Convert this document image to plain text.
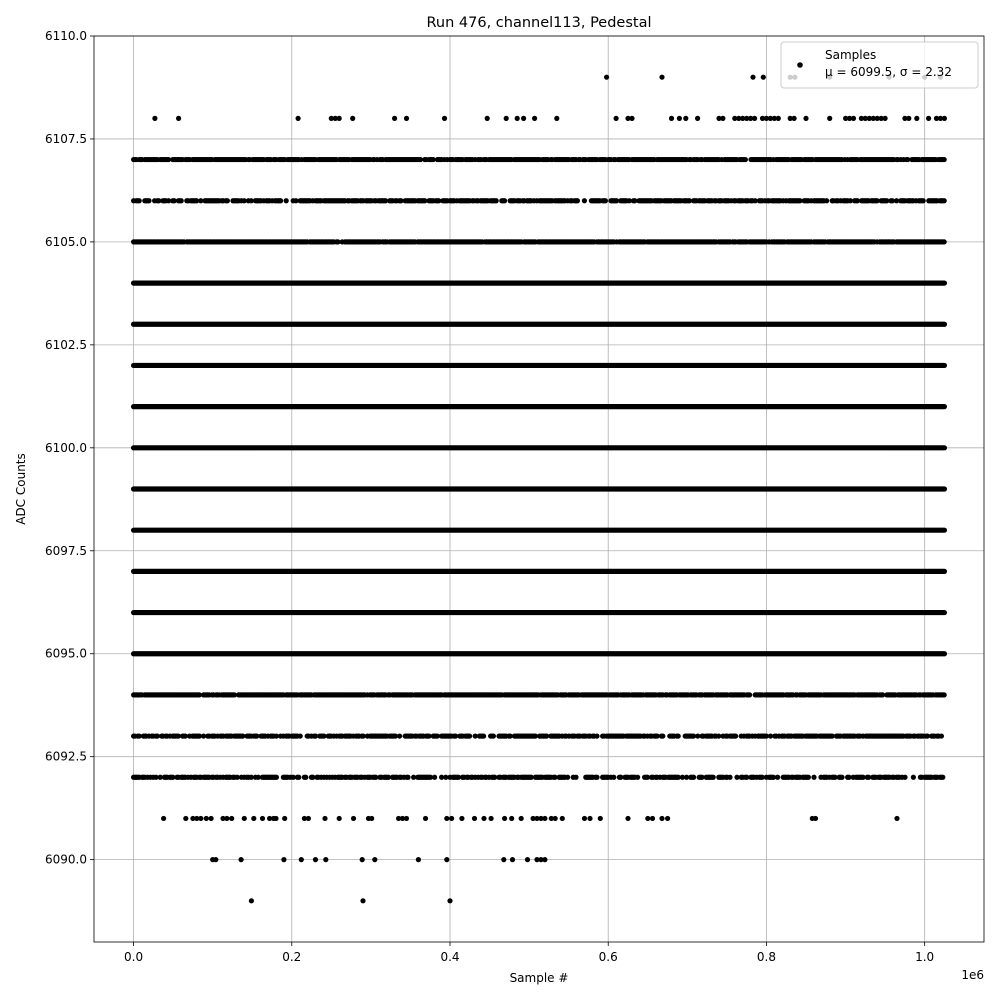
Run 476, channel113, Pedestal
0.0	0.2	0.4	0.6	0.8	1.0
6090.0
6092.5
6095.0
6097.5
6100.0
6102.5
6105.0
6107.5
6110.0
Sample #
ADC Counts
1e6
Samples
μ = 6099.5, σ = 2.32
